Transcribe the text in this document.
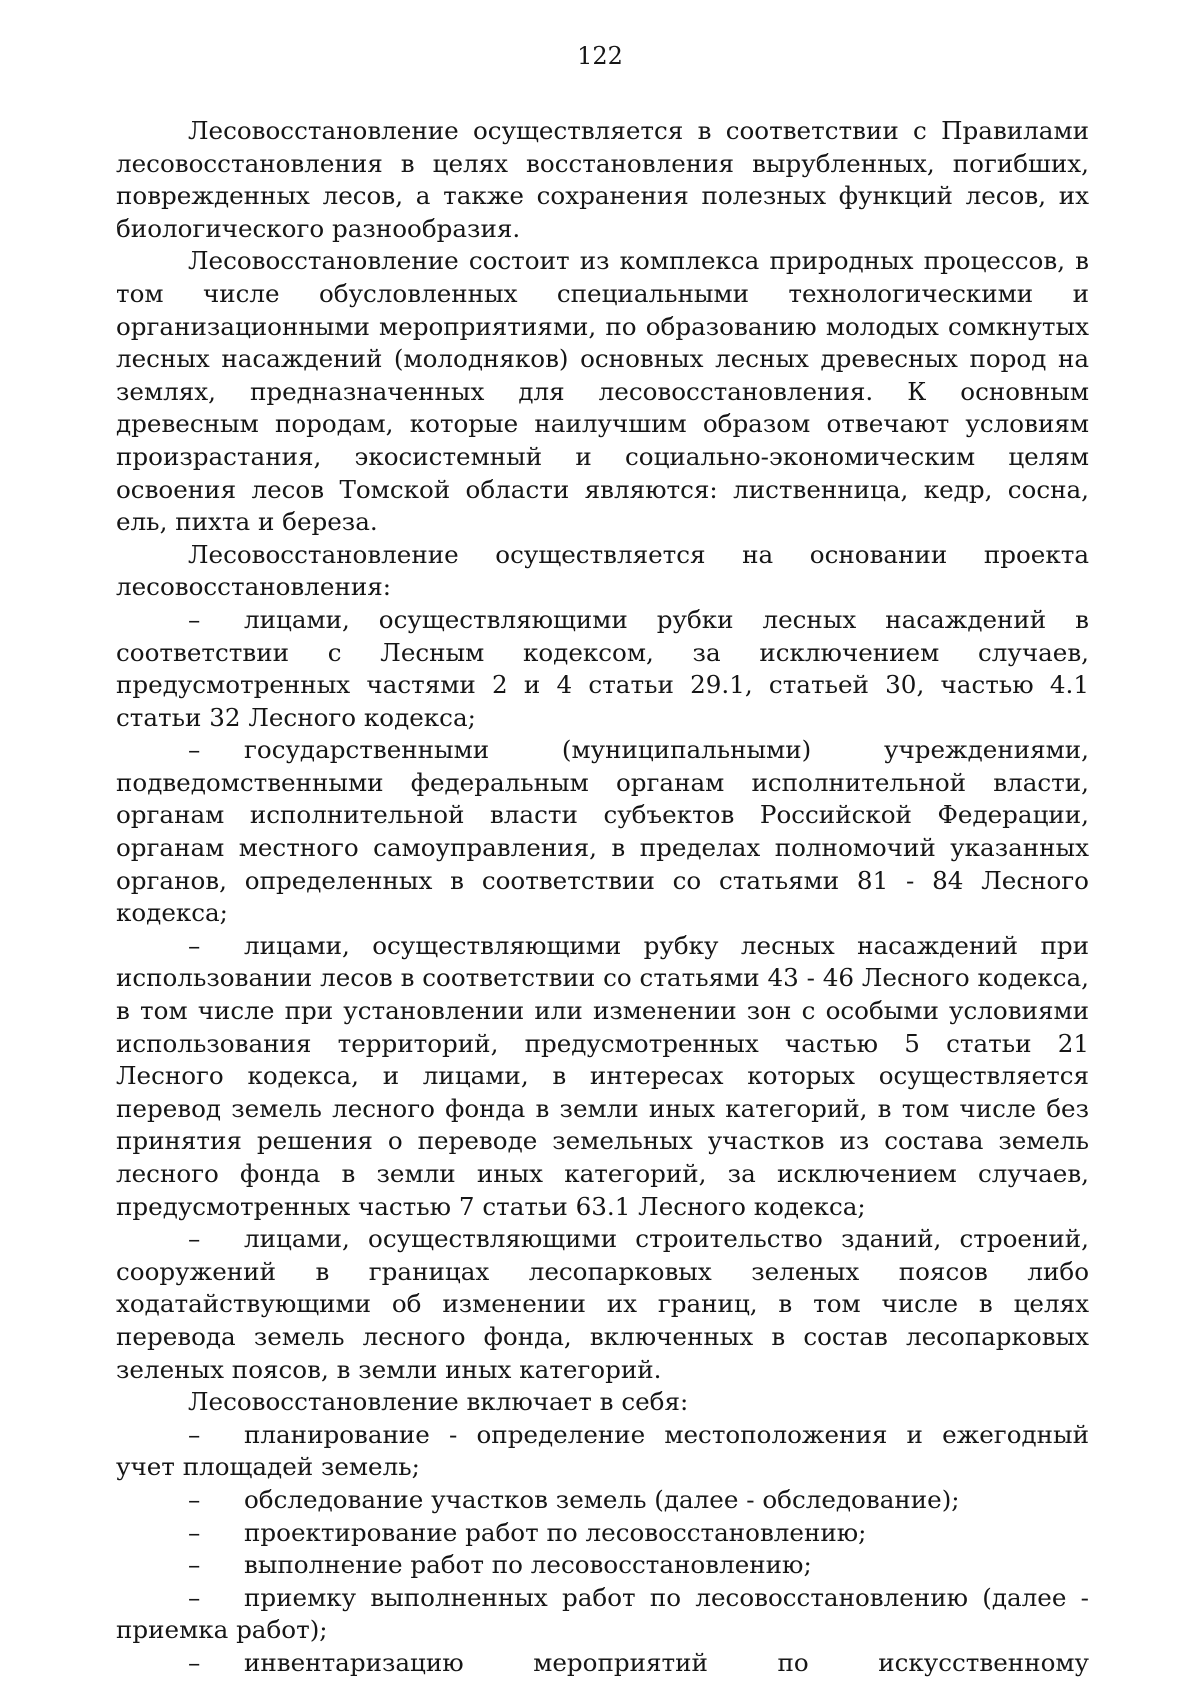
122

Лесовосстановление осуществляется в соответствии с Правилами лесовосстановления в целях восстановления вырубленных, погибших, поврежденных лесов, а также сохранения полезных функций лесов, их биологического разнообразия.

Лесовосстановление состоит из комплекса природных процессов, в том числе обусловленных специальными технологическими и организационными мероприятиями, по образованию молодых сомкнутых лесных насаждений (молодняков) основных лесных древесных пород на землях, предназначенных для лесовосстановления. К основным древесным породам, которые наилучшим образом отвечают условиям произрастания, экосистемный и социально-экономическим целям освоения лесов Томской области являются: лиственница, кедр, сосна, ель, пихта и береза.

Лесовосстановление осуществляется на основании проекта лесовосстановления:

– лицами, осуществляющими рубки лесных насаждений в соответствии с Лесным кодексом, за исключением случаев, предусмотренных частями 2 и 4 статьи 29.1, статьей 30, частью 4.1 статьи 32 Лесного кодекса;

– государственными (муниципальными) учреждениями, подведомственными федеральным органам исполнительной власти, органам исполнительной власти субъектов Российской Федерации, органам местного самоуправления, в пределах полномочий указанных органов, определенных в соответствии со статьями 81 - 84 Лесного кодекса;

– лицами, осуществляющими рубку лесных насаждений при использовании лесов в соответствии со статьями 43 - 46 Лесного кодекса, в том числе при установлении или изменении зон с особыми условиями использования территорий, предусмотренных частью 5 статьи 21 Лесного кодекса, и лицами, в интересах которых осуществляется перевод земель лесного фонда в земли иных категорий, в том числе без принятия решения о переводе земельных участков из состава земель лесного фонда в земли иных категорий, за исключением случаев, предусмотренных частью 7 статьи 63.1 Лесного кодекса;

– лицами, осуществляющими строительство зданий, строений, сооружений в границах лесопарковых зеленых поясов либо ходатайствующими об изменении их границ, в том числе в целях перевода земель лесного фонда, включенных в состав лесопарковых зеленых поясов, в земли иных категорий.

Лесовосстановление включает в себя:

– планирование - определение местоположения и ежегодный учет площадей земель;

– обследование участков земель (далее - обследование);

– проектирование работ по лесовосстановлению;

– выполнение работ по лесовосстановлению;

– приемку выполненных работ по лесовосстановлению (далее - приемка работ);

– инвентаризацию мероприятий по искусственному
